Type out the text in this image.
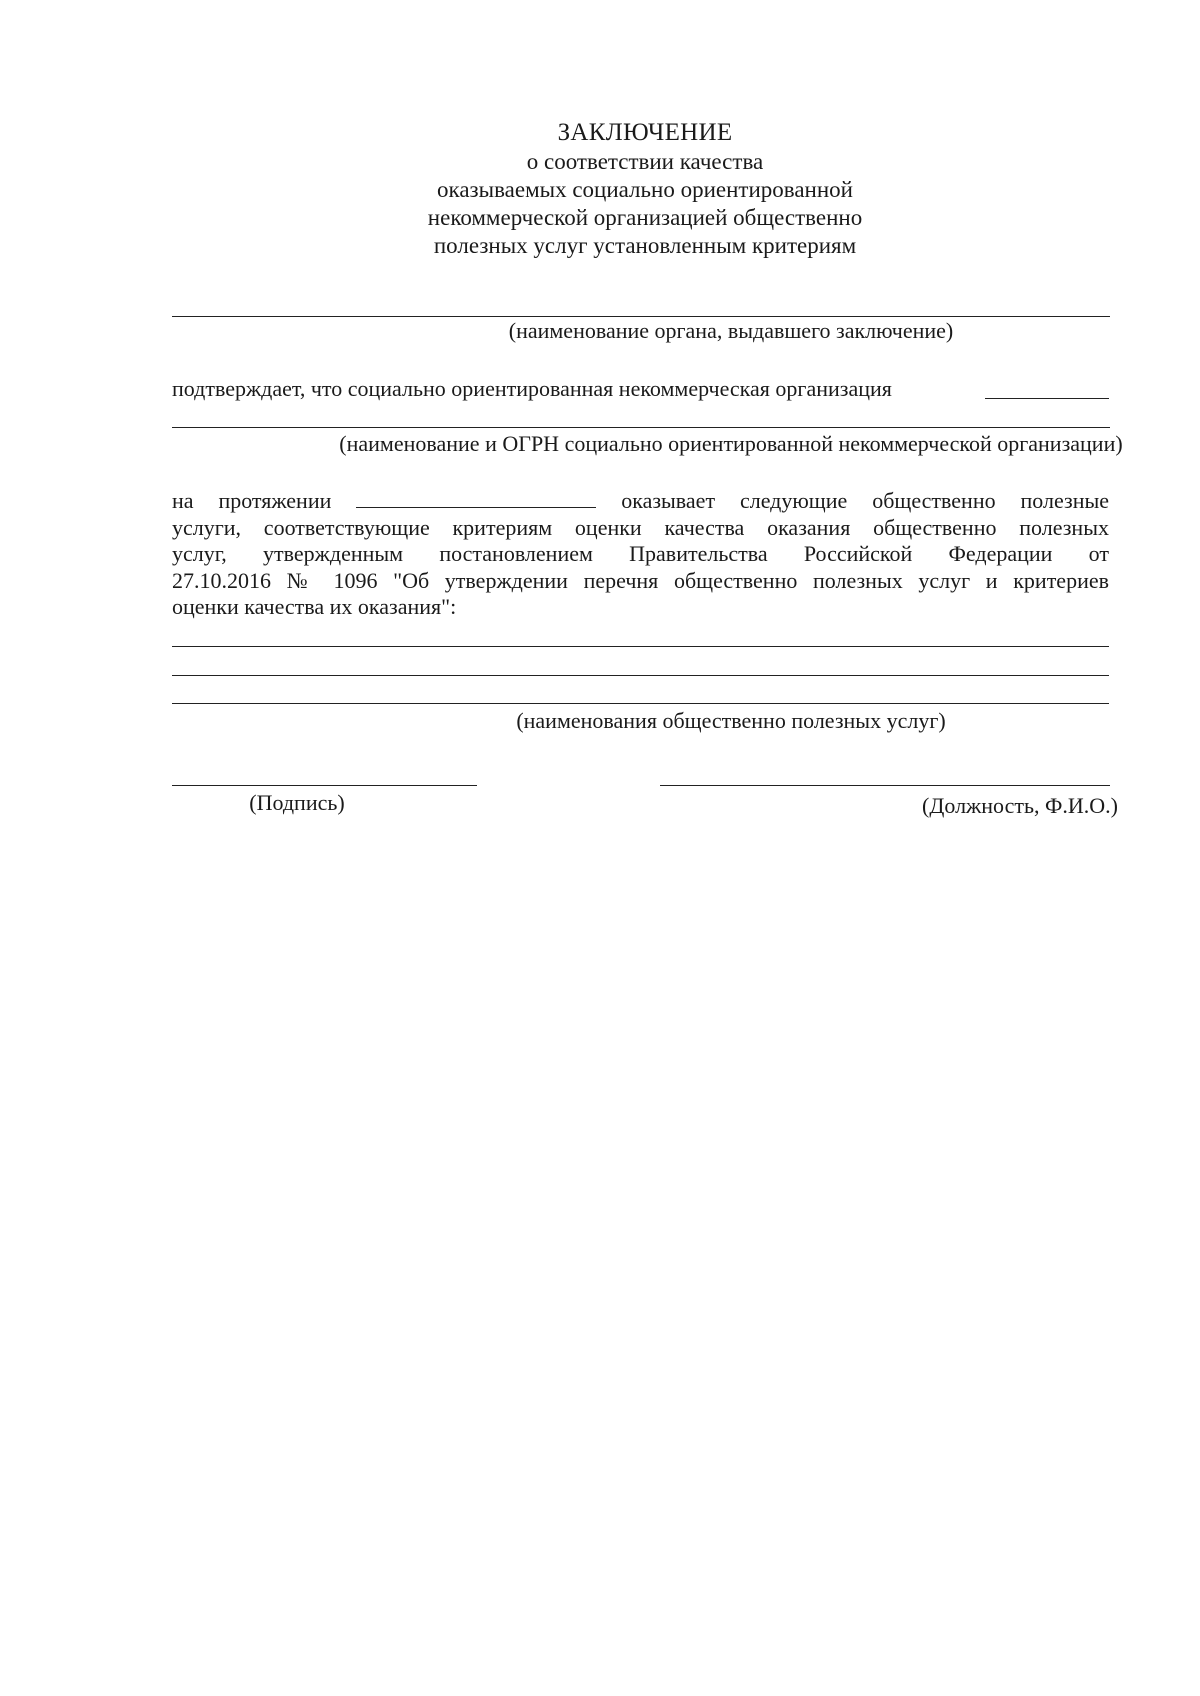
ЗАКЛЮЧЕНИЕ
о соответствии качества
оказываемых социально ориентированной
некоммерческой организацией общественно
полезных услуг установленным критериям
(наименование органа, выдавшего заключение)
подтверждает, что социально ориентированная некоммерческая организация
(наименование и ОГРН социально ориентированной некоммерческой организации)
на протяжении	оказывает следующие общественно полезные
услуги, соответствующие критериям оценки качества оказания общественно полезных
услуг, утвержденным постановлением Правительства Российской Федерации от
27.10.2016 № 1096 "Об утверждении перечня общественно полезных услуг и критериев
оценки качества их оказания":
(наименования общественно полезных услуг)
(Подпись)	(Должность, Ф.И.О.)
